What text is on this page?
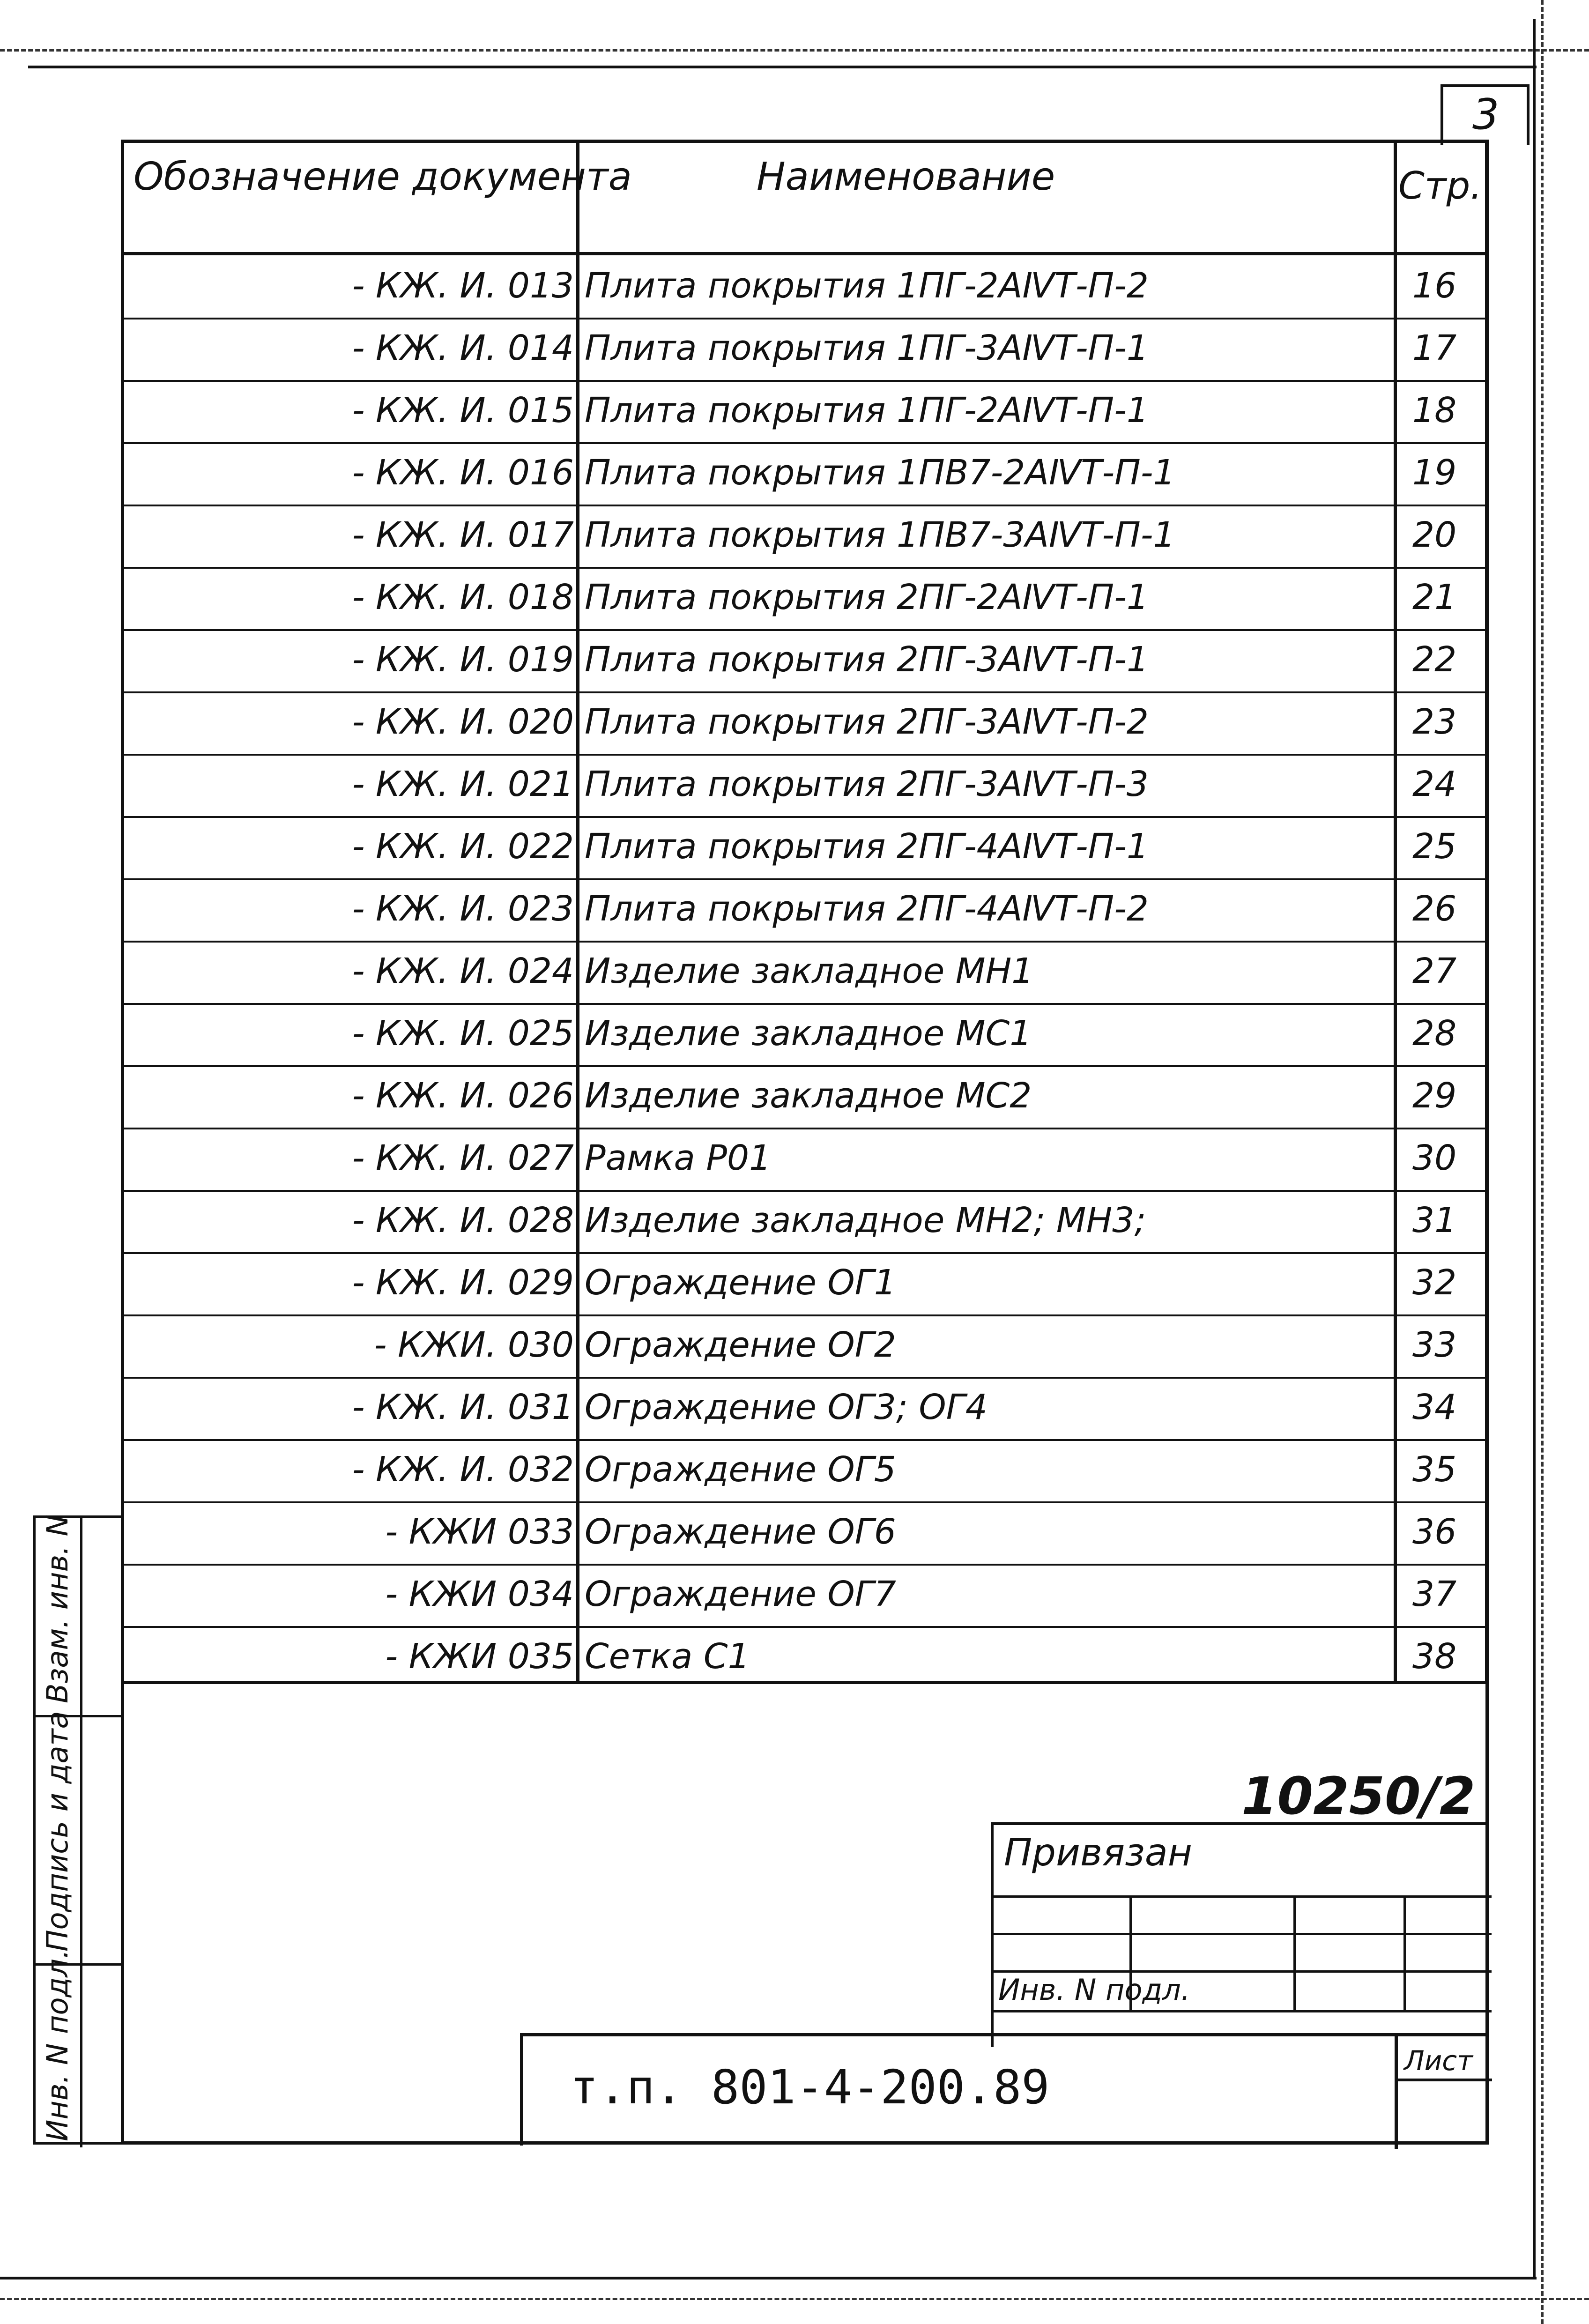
3
Обозначение документа	Наименование	Стр.
- КЖ. И. 013 Плита покрытия 1ПГ-2АⅣТ-П-2	16
- КЖ. И. 014 Плита покрытия 1ПГ-3АⅣТ-П-1	17
- КЖ. И. 015 Плита покрытия 1ПГ-2АⅣТ-П-1	18
- КЖ. И. 016 Плита покрытия 1ПВ7-2АⅣТ-П-1	19
- КЖ. И. 017 Плита покрытия 1ПВ7-3АⅣТ-П-1	20
- КЖ. И. 018 Плита покрытия 2ПГ-2АⅣТ-П-1	21
- КЖ. И. 019 Плита покрытия 2ПГ-3АⅣТ-П-1	22
- КЖ. И. 020 Плита покрытия 2ПГ-3АⅣТ-П-2	23
- КЖ. И. 021 Плита покрытия 2ПГ-3АⅣТ-П-3	24
- КЖ. И. 022 Плита покрытия 2ПГ-4АⅣТ-П-1	25
- КЖ. И. 023 Плита покрытия 2ПГ-4АⅣТ-П-2	26
- КЖ. И. 024 Изделие закладное МН1	27
- КЖ. И. 025 Изделие закладное МС1	28
- КЖ. И. 026 Изделие закладное МС2	29
- КЖ. И. 027 Рамка Р01	30
- КЖ. И. 028 Изделие закладное МН2; МН3;	31
- КЖ. И. 029 Ограждение ОГ1	32
- КЖИ. 030 Ограждение ОГ2	33
- КЖ. И. 031 Ограждение ОГ3; ОГ4	34
- КЖ. И. 032 Ограждение ОГ5	35
- КЖИ 033 Ограждение ОГ6	36
- КЖИ 034 Ограждение ОГ7	37
- КЖИ 035 Сетка С1	38
10250/2
Привязан
Инв. N подл.
т.п. 801-4-200.89	Лист
Взам. инв. N
Подпись и дата
Инв. N подл.
